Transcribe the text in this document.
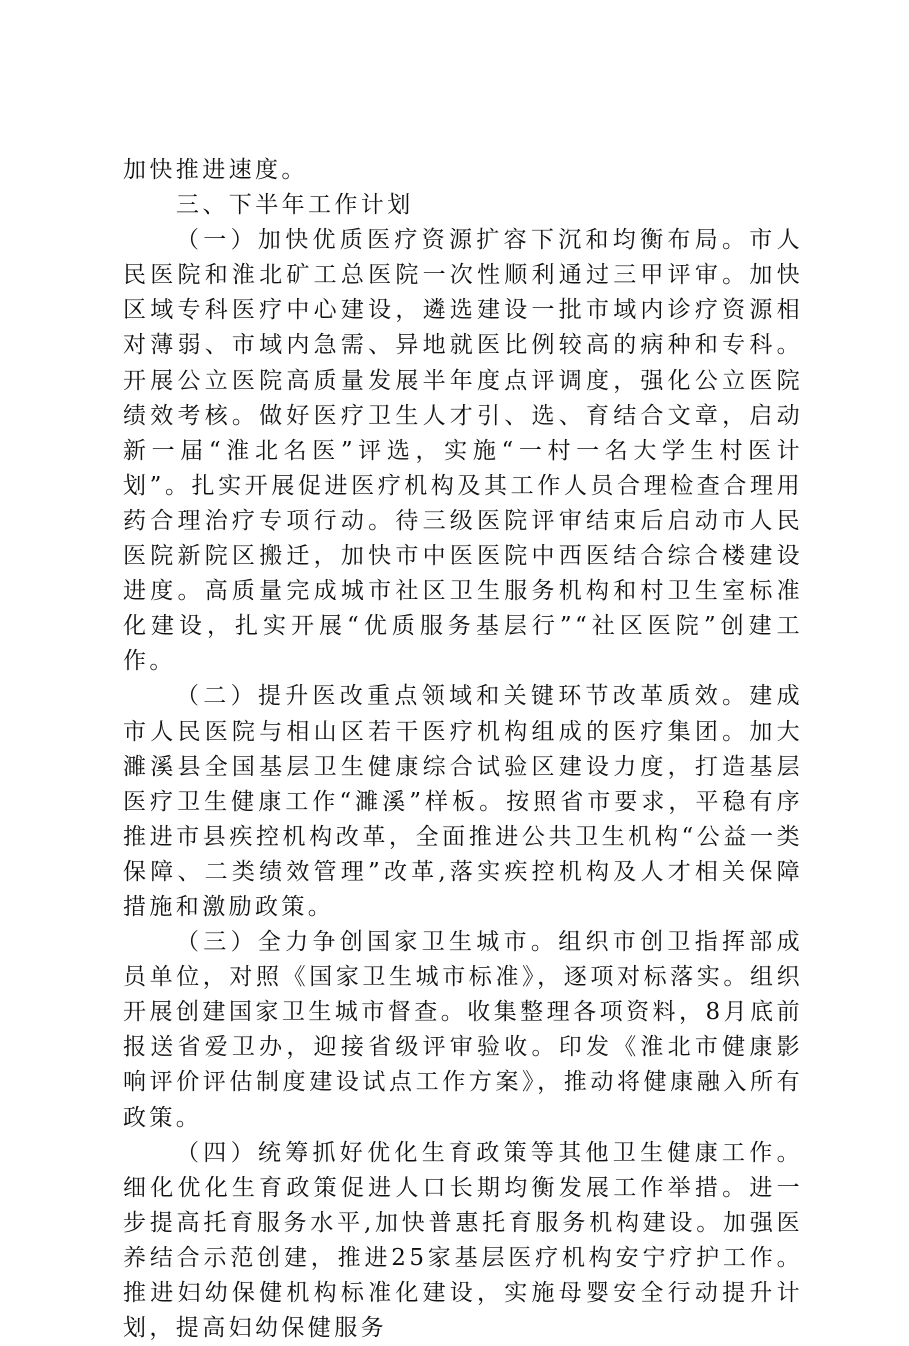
加快推进速度。

三、下半年工作计划

（一）加快优质医疗资源扩容下沉和均衡布局。市人民医院和淮北矿工总医院一次性顺利通过三甲评审。加快区域专科医疗中心建设，遴选建设一批市域内诊疗资源相对薄弱、市域内急需、异地就医比例较高的病种和专科。开展公立医院高质量发展半年度点评调度，强化公立医院绩效考核。做好医疗卫生人才引、选、育结合文章，启动新一届“淮北名医”评选，实施“一村一名大学生村医计划”。扎实开展促进医疗机构及其工作人员合理检查合理用药合理治疗专项行动。待三级医院评审结束后启动市人民医院新院区搬迁，加快市中医医院中西医结合综合楼建设进度。高质量完成城市社区卫生服务机构和村卫生室标准化建设，扎实开展“优质服务基层行”“社区医院”创建工作。

（二）提升医改重点领域和关键环节改革质效。建成市人民医院与相山区若干医疗机构组成的医疗集团。加大濉溪县全国基层卫生健康综合试验区建设力度，打造基层医疗卫生健康工作“濉溪”样板。按照省市要求，平稳有序推进市县疾控机构改革，全面推进公共卫生机构“公益一类保障、二类绩效管理”改革,落实疾控机构及人才相关保障措施和激励政策。

（三）全力争创国家卫生城市。组织市创卫指挥部成员单位，对照《国家卫生城市标准》，逐项对标落实。组织开展创建国家卫生城市督查。收集整理各项资料，8月底前报送省爱卫办，迎接省级评审验收。印发《淮北市健康影响评价评估制度建设试点工作方案》，推动将健康融入所有政策。

（四）统筹抓好优化生育政策等其他卫生健康工作。细化优化生育政策促进人口长期均衡发展工作举措。进一步提高托育服务水平,加快普惠托育服务机构建设。加强医养结合示范创建，推进25家基层医疗机构安宁疗护工作。推进妇幼保健机构标准化建设，实施母婴安全行动提升计划，提高妇幼保健服务
